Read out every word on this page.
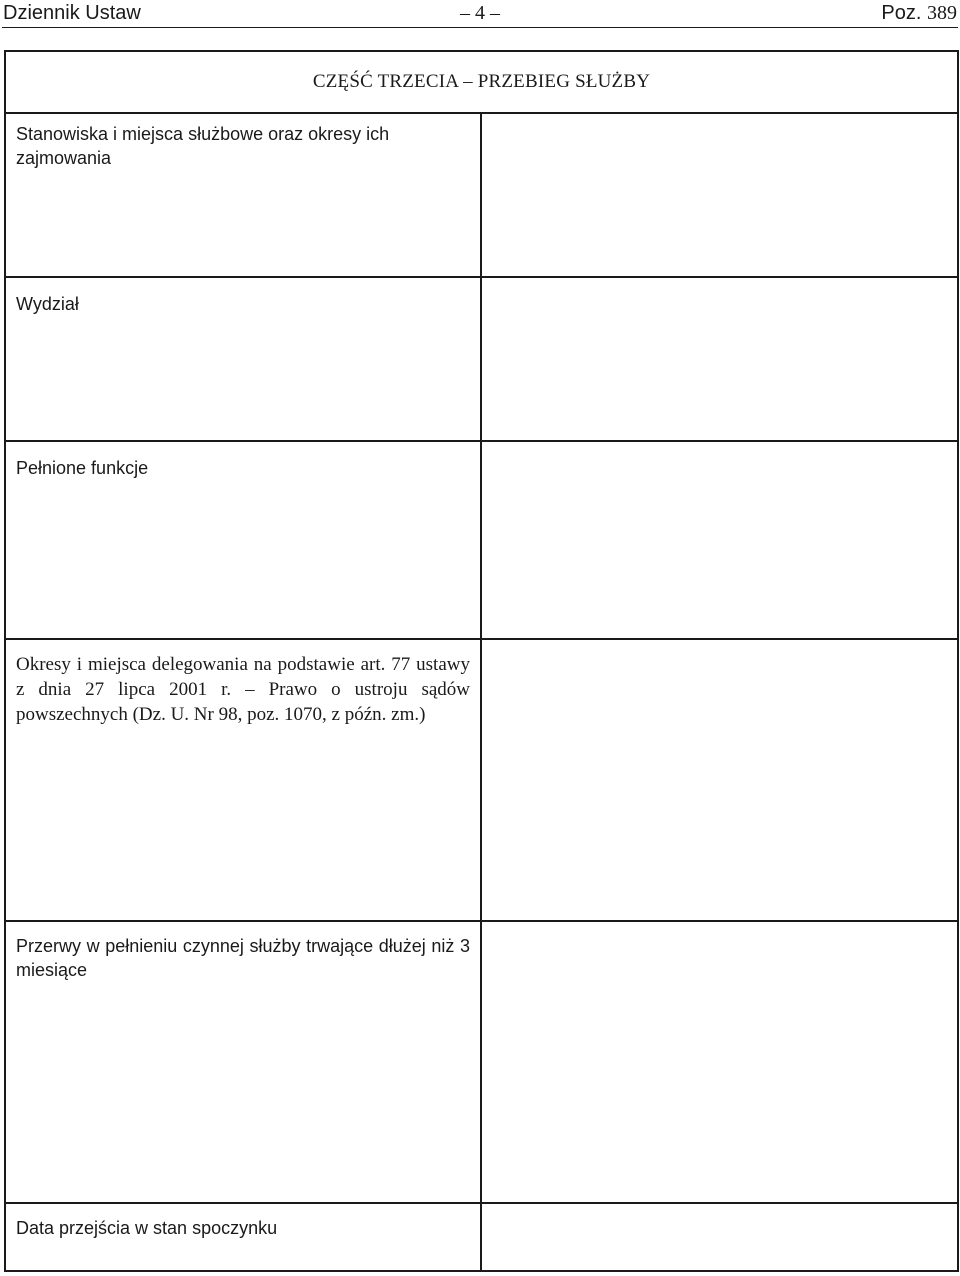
Dziennik Ustaw	– 4 –	Poz. 389
CZĘŚĆ TRZECIA – PRZEBIEG SŁUŻBY	
Stanowiska i miejsca służbowe oraz okresy ich zajmowania	
Wydział	
Pełnione funkcje	
Okresy i miejsca delegowania na podstawie art. 77 ustawy z dnia 27 lipca 2001 r. – Prawo o ustroju sądów powszechnych (Dz. U. Nr 98, poz. 1070, z późn. zm.)	
Przerwy w pełnieniu czynnej służby trwające dłużej niż 3 miesiące	
Data przejścia w stan spoczynku	
